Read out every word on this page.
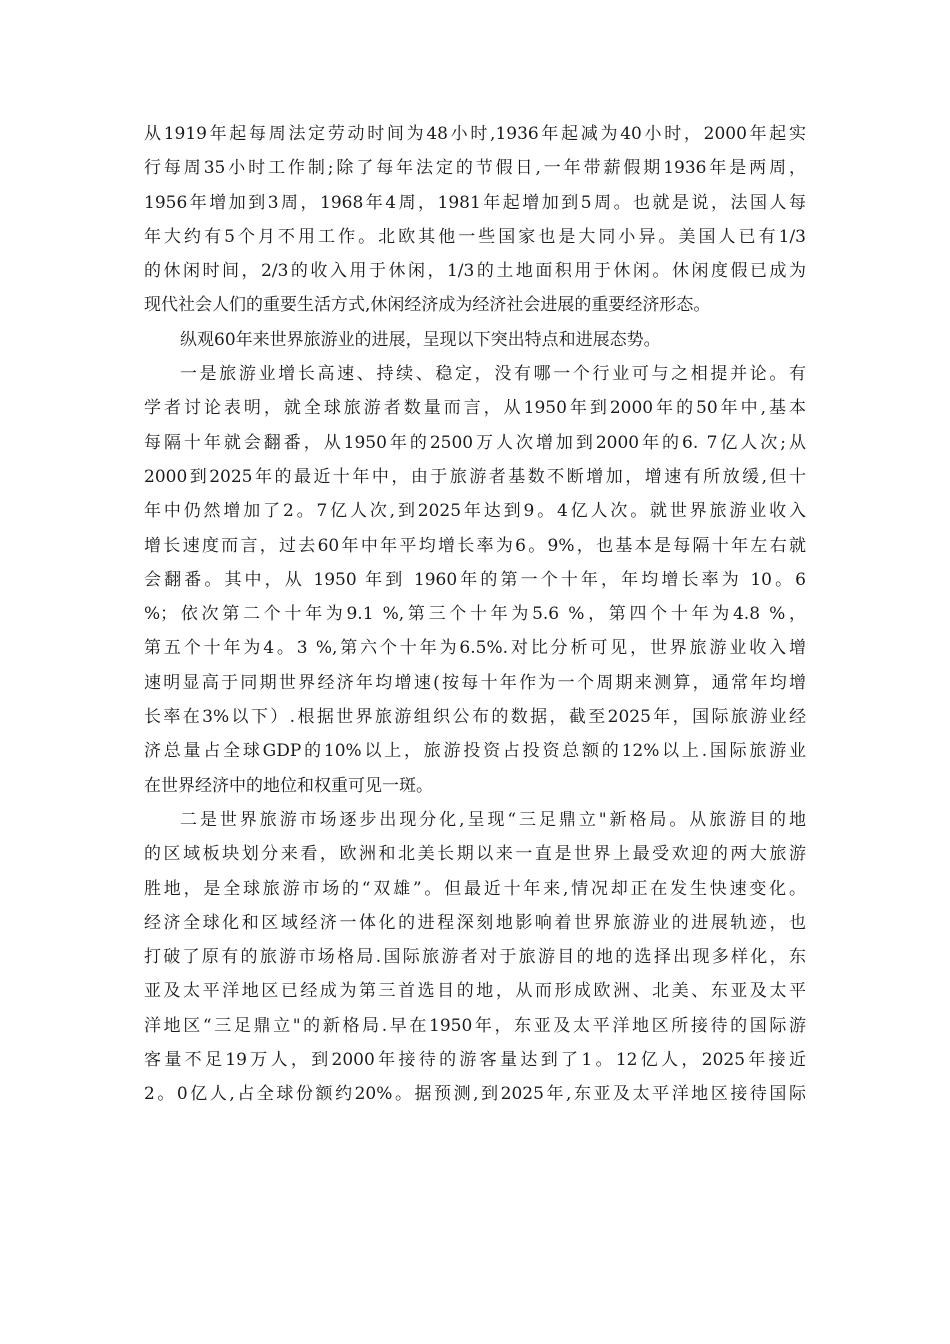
从1919年起每周法定劳动时间为48小时,1936年起减为40小时，2000年起实
行每周35小时工作制;除了每年法定的节假日,一年带薪假期1936年是两周，
1956年增加到3周，1968年4周，1981年起增加到5周。也就是说，法国人每
年大约有5个月不用工作。北欧其他一些国家也是大同小异。美国人已有1/3
的休闲时间，2/3的收入用于休闲，1/3的土地面积用于休闲。休闲度假已成为
现代社会人们的重要生活方式,休闲经济成为经济社会进展的重要经济形态。
纵观60年来世界旅游业的进展，呈现以下突出特点和进展态势。
一是旅游业增长高速、持续、稳定，没有哪一个行业可与之相提并论。有
学者讨论表明，就全球旅游者数量而言，从1950年到2000年的50年中,基本
每隔十年就会翻番，从1950年的2500万人次增加到2000年的6. 7亿人次;从
2000到2025年的最近十年中，由于旅游者基数不断增加，增速有所放缓,但十
年中仍然增加了2。7亿人次,到2025年达到9。4亿人次。就世界旅游业收入
增长速度而言，过去60年中年平均增长率为6。9%，也基本是每隔十年左右就
会翻番。其中，从 1950 年到 1960年的第一个十年，年均增长率为 10。6
%；依次第二个十年为9.1 %,第三个十年为5.6 %，第四个十年为4.8 %，
第五个十年为4。3 %,第六个十年为6.5%.对比分析可见，世界旅游业收入增
速明显高于同期世界经济年均增速(按每十年作为一个周期来测算，通常年均增
长率在3%以下）.根据世界旅游组织公布的数据，截至2025年，国际旅游业经
济总量占全球GDP的10%以上，旅游投资占投资总额的12%以上.国际旅游业
在世界经济中的地位和权重可见一斑。
二是世界旅游市场逐步出现分化,呈现“三足鼎立"新格局。从旅游目的地
的区域板块划分来看，欧洲和北美长期以来一直是世界上最受欢迎的两大旅游
胜地，是全球旅游市场的“双雄”。但最近十年来,情况却正在发生快速变化。
经济全球化和区域经济一体化的进程深刻地影响着世界旅游业的进展轨迹，也
打破了原有的旅游市场格局.国际旅游者对于旅游目的地的选择出现多样化，东
亚及太平洋地区已经成为第三首选目的地，从而形成欧洲、北美、东亚及太平
洋地区“三足鼎立"的新格局.早在1950年，东亚及太平洋地区所接待的国际游
客量不足19万人，到2000年接待的游客量达到了1。12亿人，2025年接近
2。0亿人,占全球份额约20%。据预测,到2025年,东亚及太平洋地区接待国际
